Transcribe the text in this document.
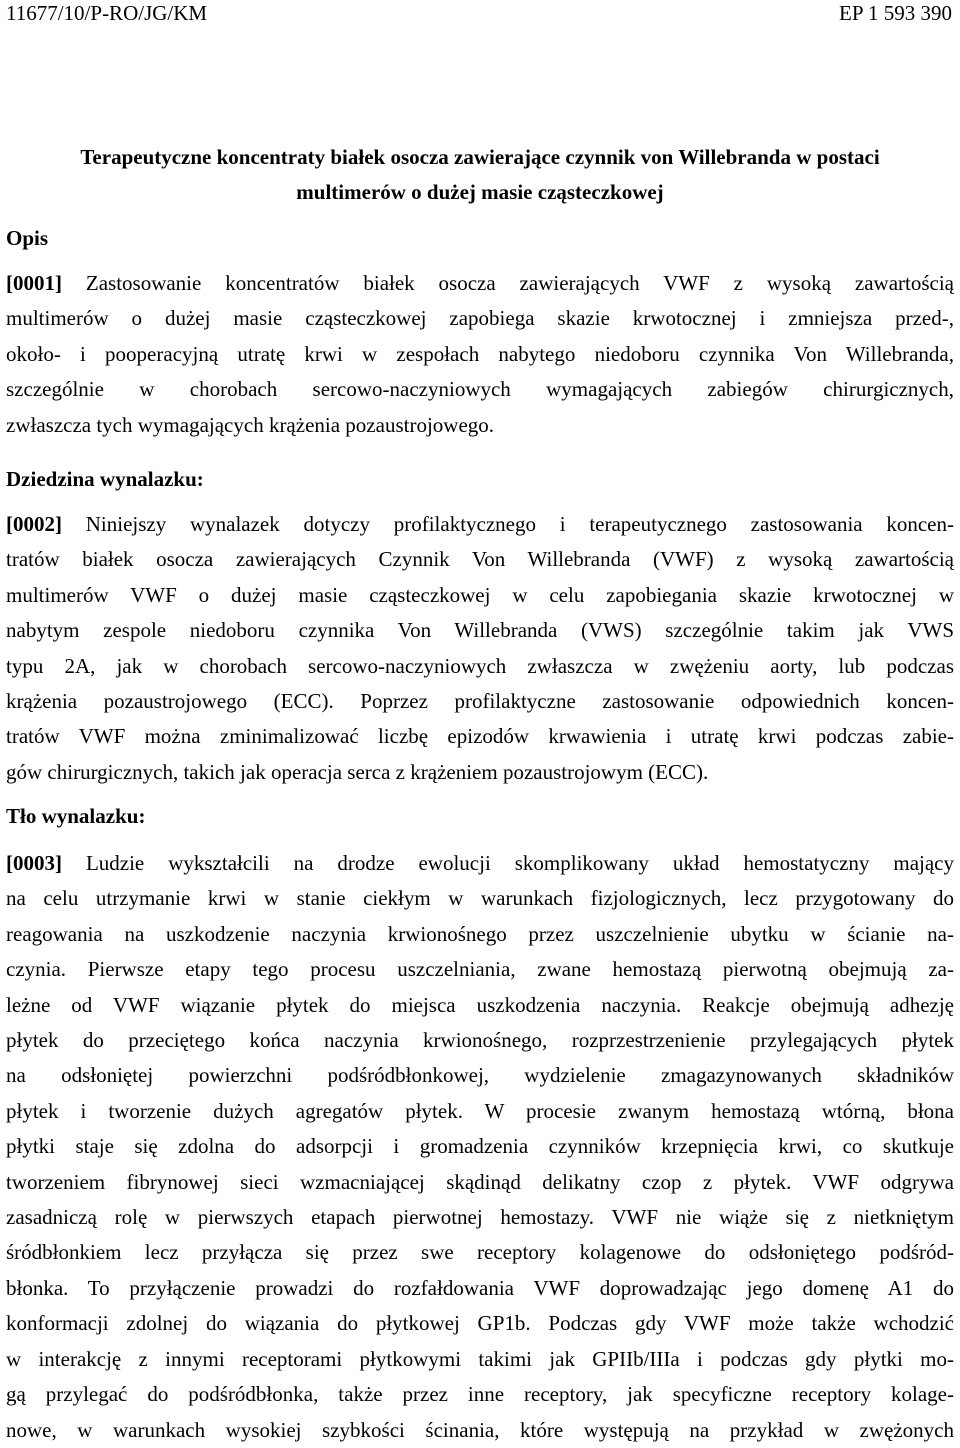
11677/10/P-RO/JG/KM	EP 1 593 390
Terapeutyczne koncentraty białek osocza zawierające czynnik von Willebranda w postaci
multimerów o dużej masie cząsteczkowej
Opis
[0001] Zastosowanie koncentratów białek osocza zawierających VWF z wysoką zawartością
multimerów o dużej masie cząsteczkowej zapobiega skazie krwotocznej i zmniejsza przed-,
około- i pooperacyjną utratę krwi w zespołach nabytego niedoboru czynnika Von Willebranda,
szczególnie w chorobach sercowo-naczyniowych wymagających zabiegów chirurgicznych,
zwłaszcza tych wymagających krążenia pozaustrojowego.
Dziedzina wynalazku:
[0002] Niniejszy wynalazek dotyczy profilaktycznego i terapeutycznego zastosowania koncen-
tratów białek osocza zawierających Czynnik Von Willebranda (VWF) z wysoką zawartością
multimerów VWF o dużej masie cząsteczkowej w celu zapobiegania skazie krwotocznej w
nabytym zespole niedoboru czynnika Von Willebranda (VWS) szczególnie takim jak VWS
typu 2A, jak w chorobach sercowo-naczyniowych zwłaszcza w zwężeniu aorty, lub podczas
krążenia pozaustrojowego (ECC). Poprzez profilaktyczne zastosowanie odpowiednich koncen-
tratów VWF można zminimalizować liczbę epizodów krwawienia i utratę krwi podczas zabie-
gów chirurgicznych, takich jak operacja serca z krążeniem pozaustrojowym (ECC).
Tło wynalazku:
[0003] Ludzie wykształcili na drodze ewolucji skomplikowany układ hemostatyczny mający
na celu utrzymanie krwi w stanie ciekłym w warunkach fizjologicznych, lecz przygotowany do
reagowania na uszkodzenie naczynia krwionośnego przez uszczelnienie ubytku w ścianie na-
czynia. Pierwsze etapy tego procesu uszczelniania, zwane hemostazą pierwotną obejmują za-
leżne od VWF wiązanie płytek do miejsca uszkodzenia naczynia. Reakcje obejmują adhezję
płytek do przeciętego końca naczynia krwionośnego, rozprzestrzenienie przylegających płytek
na odsłoniętej powierzchni podśródbłonkowej, wydzielenie zmagazynowanych składników
płytek i tworzenie dużych agregatów płytek. W procesie zwanym hemostazą wtórną, błona
płytki staje się zdolna do adsorpcji i gromadzenia czynników krzepnięcia krwi, co skutkuje
tworzeniem fibrynowej sieci wzmacniającej skądinąd delikatny czop z płytek. VWF odgrywa
zasadniczą rolę w pierwszych etapach pierwotnej hemostazy. VWF nie wiąże się z nietkniętym
śródbłonkiem lecz przyłącza się przez swe receptory kolagenowe do odsłoniętego podśród-
błonka. To przyłączenie prowadzi do rozfałdowania VWF doprowadzając jego domenę A1 do
konformacji zdolnej do wiązania do płytkowej GP1b. Podczas gdy VWF może także wchodzić
w interakcję z innymi receptorami płytkowymi takimi jak GPIIb/IIIa i podczas gdy płytki mo-
gą przylegać do podśródbłonka, także przez inne receptory, jak specyficzne receptory kolage-
nowe, w warunkach wysokiej szybkości ścinania, które występują na przykład w zwężonych
